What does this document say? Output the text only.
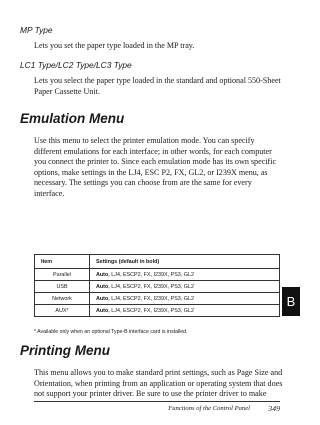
MP Type

Lets you set the paper type loaded in the MP tray.

LC1 Type/LC2 Type/LC3 Type

Lets you select the paper type loaded in the standard and optional 550-Sheet Paper Cassette Unit.

Emulation Menu

Use this menu to select the printer emulation mode. You can specify different emulations for each interface; in other words, for each computer you connect the printer to. Since each emulation mode has its own specific options, make settings in the LJ4, ESC P2, FX, GL2, or I239X menu, as necessary. The settings you can choose from are the same for every interface.

Item	Settings (default in bold)
Parallel	Auto, LJ4, ESCP2, FX, I239X, PS3, GL2
USB	Auto, LJ4, ESCP2, FX, I239X, PS3, GL2
Network	Auto, LJ4, ESCP2, FX, I239X, PS3, GL2
AUX*	Auto, LJ4, ESCP2, FX, I239X, PS3, GL2
* Available only when an optional Type-B interface card is installed.
Printing Menu

This menu allows you to make standard print settings, such as Page Size and Orientation, when printing from an application or operating system that does not support your printer driver. Be sure to use the printer driver to make

B
Functions of the Control Panel 349
